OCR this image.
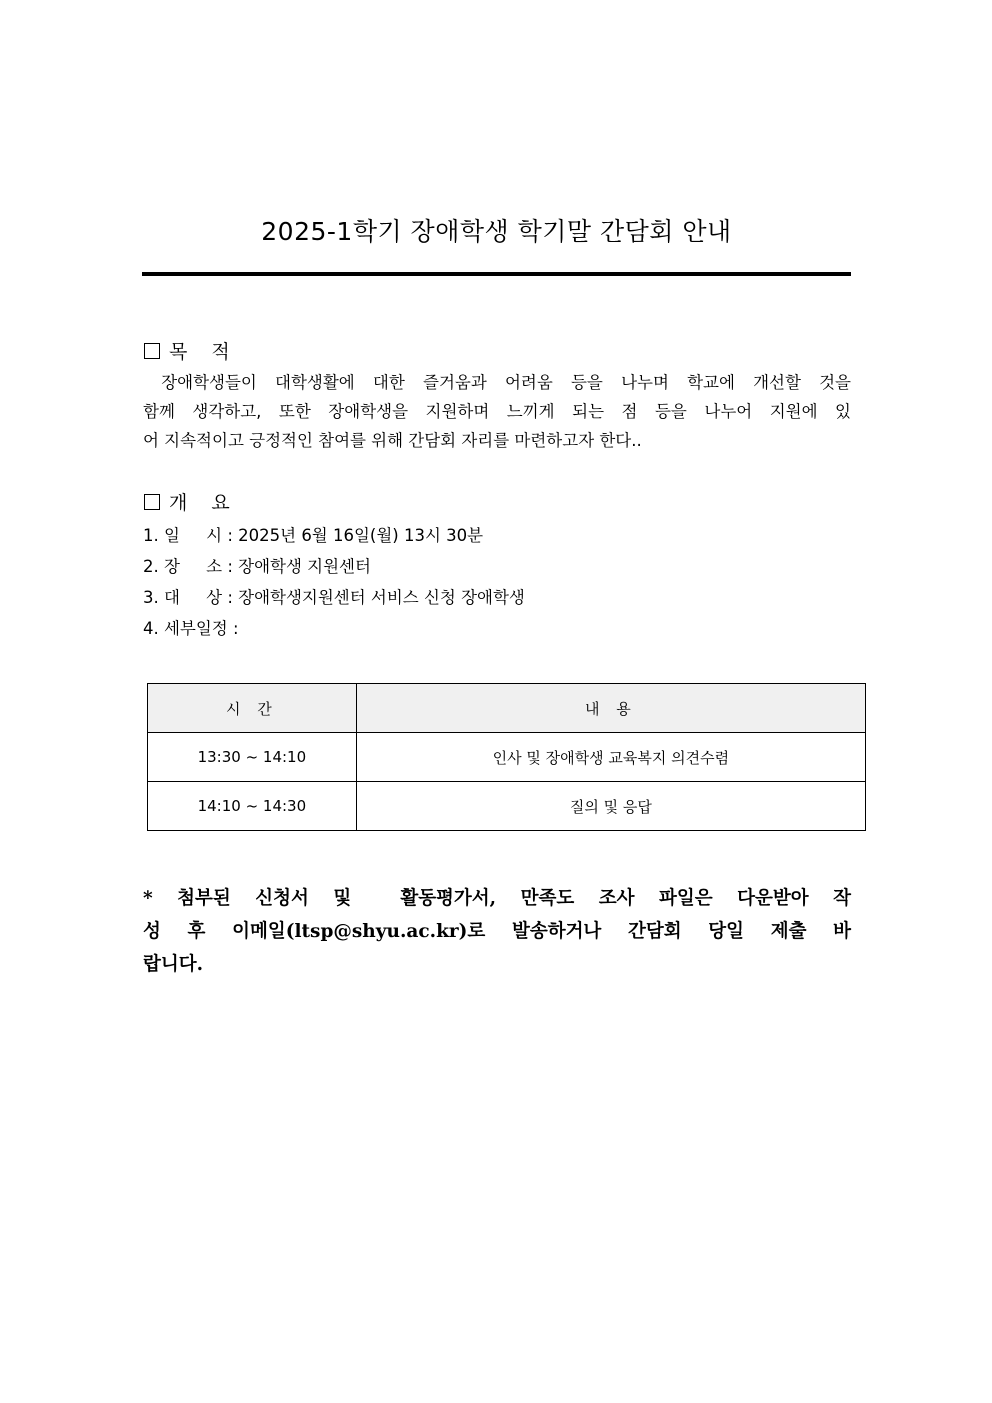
2025-1학기 장애학생 학기말 간담회 안내
목 적
장애학생들이 대학생활에 대한 즐거움과 어려움 등을 나누며 학교에 개선할 것을
함께 생각하고, 또한 장애학생을 지원하며 느끼게 되는 점 등을 나누어 지원에 있
어 지속적이고 긍정적인 참여를 위해 간담회 자리를 마련하고자 한다..
개 요
1. 일     시 : 2025년 6월 16일(월) 13시 30분
2. 장     소 : 장애학생 지원센터
3. 대     상 : 장애학생지원센터 서비스 신청 장애학생
4. 세부일정 :
시 간	내 용
13:30 ~ 14:10	인사 및 장애학생 교육복지 의견수렴
14:10 ~ 14:30	질의 및 응답
* 첨부된 신청서 및  활동평가서, 만족도 조사 파일은 다운받아 작
성 후 이메일(ltsp@shyu.ac.kr)로 발송하거나 간담회 당일 제출 바
랍니다.
